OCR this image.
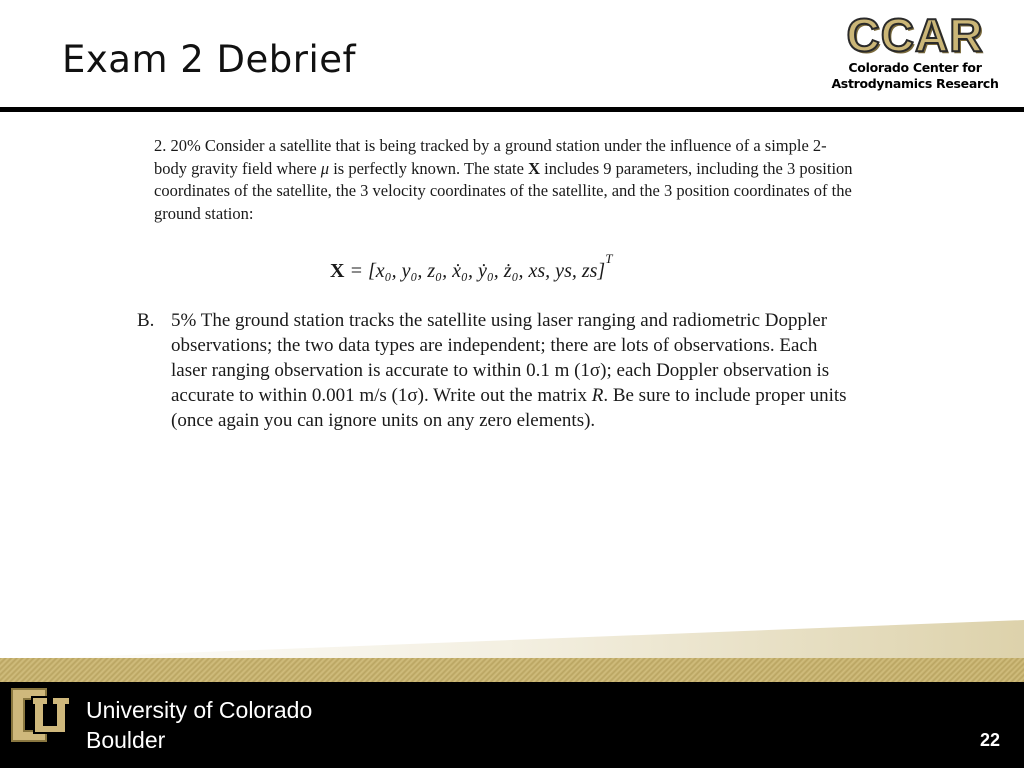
Exam 2 Debrief	CCAR
Colorado Center for
Astrodynamics Research
2. 20% Consider a satellite that is being tracked by a ground station under the influence of a simple 2-body gravity field where μ is perfectly known. The state X includes 9 parameters, including the 3 position coordinates of the satellite, the 3 velocity coordinates of the satellite, and the 3 position coordinates of the ground station:
X = [x₀, y₀, z₀, ẋ₀, ẏ₀, ż₀, xs, ys, zs]$^T$
B. 5% The ground station tracks the satellite using laser ranging and radiometric Doppler observations; the two data types are independent; there are lots of observations. Each laser ranging observation is accurate to within 0.1 m (1σ); each Doppler observation is accurate to within 0.001 m/s (1σ). Write out the matrix R. Be sure to include proper units (once again you can ignore units on any zero elements).
University of Colorado
Boulder	22
